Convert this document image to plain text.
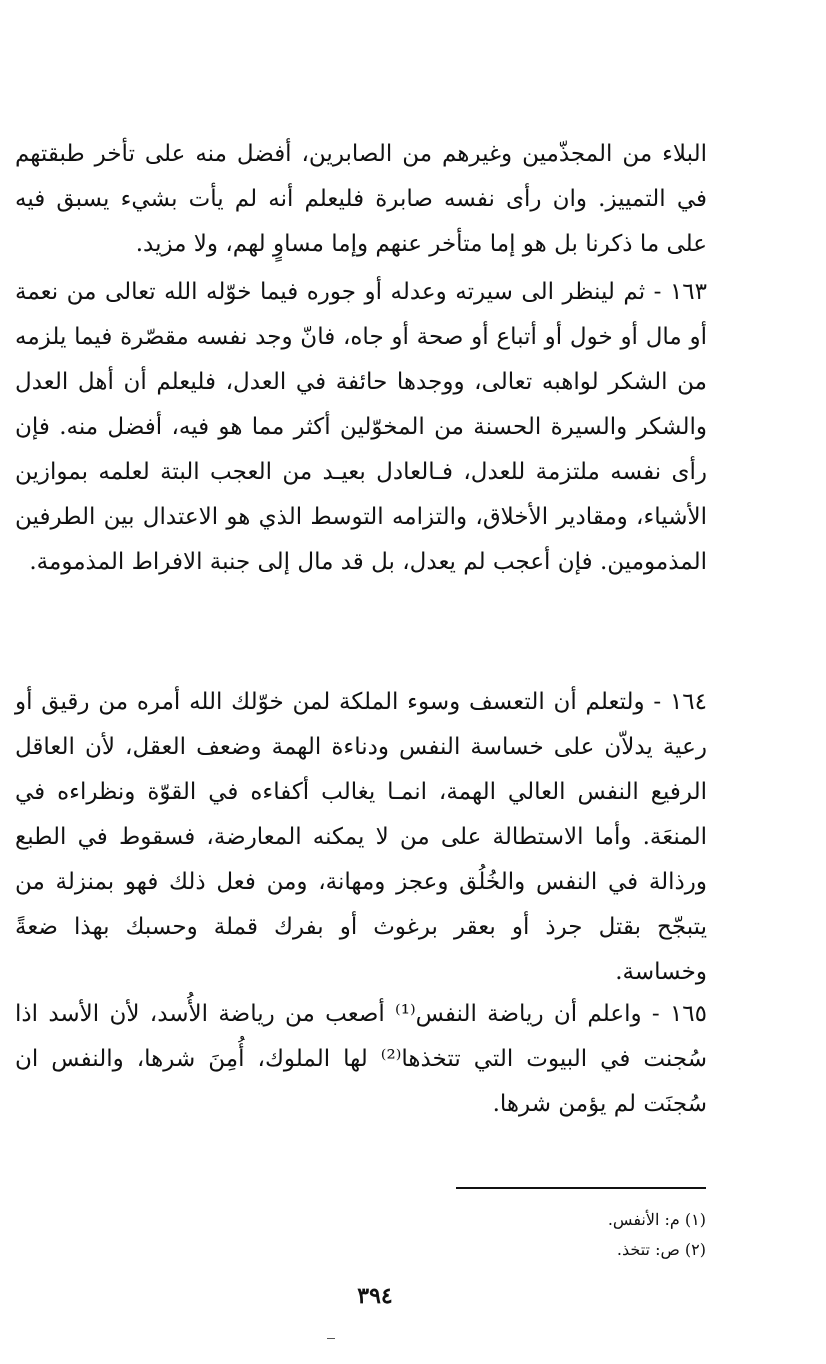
البلاء من المجذّمين وغيرهم من الصابرين، أفضل منه على تأخر طبقتهم في التمييز. وان رأى نفسه صابرة فليعلم أنه لم يأت بشيء يسبق فيه على ما ذكرنا بل هو إما متأخر عنهم وإما مساوٍ لهم، ولا مزيد.

١٦٣ - ثم لينظر الى سيرته وعدله أو جوره فيما خوّله الله تعالى من نعمة أو مال أو خول أو أتباع أو صحة أو جاه، فانّ وجد نفسه مقصّرة فيما يلزمه من الشكر لواهبه تعالى، ووجدها حائفة في العدل، فليعلم أن أهل العدل والشكر والسيرة الحسنة من المخوّلين أكثر مما هو فيه، أفضل منه. فإن رأى نفسه ملتزمة للعدل، فـالعادل بعيـد من العجب البتة لعلمه بموازين الأشياء، ومقادير الأخلاق، والتزامه التوسط الذي هو الاعتدال بين الطرفين المذمومين. فإن أعجب لم يعدل، بل قد مال إلى جنبة الافراط المذمومة.

١٦٤ - ولتعلم أن التعسف وسوء الملكة لمن خوّلك الله أمره من رقيق أو رعية يدلاّن على خساسة النفس ودناءة الهمة وضعف العقل، لأن العاقل الرفيع النفس العالي الهمة، انمـا يغالب أكفاءه في القوّة ونظراءه في المنعَة. وأما الاستطالة على من لا يمكنه المعارضة، فسقوط في الطبع ورذالة في النفس والخُلُق وعجز ومهانة، ومن فعل ذلك فهو بمنزلة من يتبجّح بقتل جرذ أو بعقر برغوث أو بفرك قملة وحسبك بهذا ضعةً وخساسة.

١٦٥ - واعلم أن رياضة النفس⁽¹⁾ أصعب من رياضة الأُسد، لأن الأسد اذا سُجنت في البيوت التي تتخذها⁽²⁾ لها الملوك، أُمِنَ شرها، والنفس ان سُجنَت لم يؤمن شرها.

(١) م: الأنفس.
(٢) ص: تتخذ.
٣٩٤
